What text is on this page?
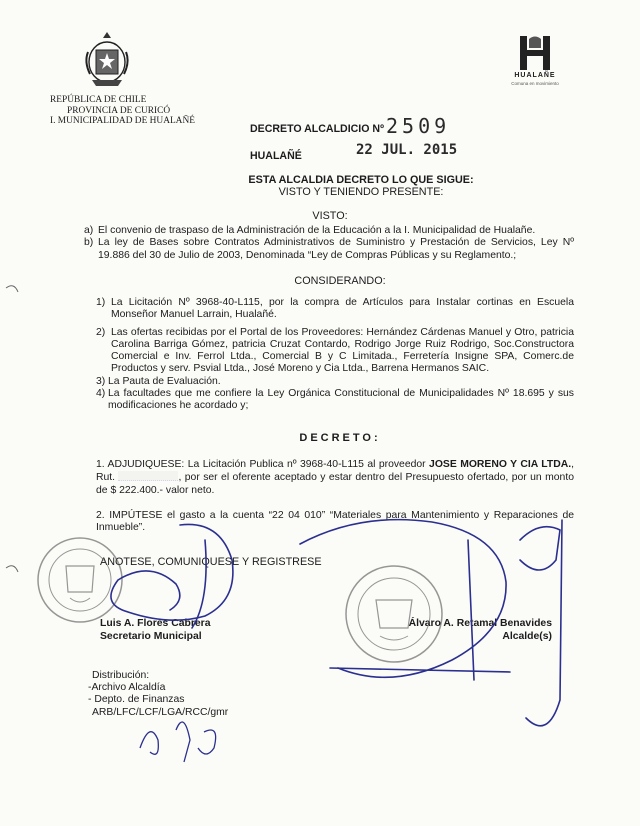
HUALAÑE
Comuna en movimiento
REPÚBLICA DE CHILE
PROVINCIA DE CURICÓ
I. MUNICIPALIDAD DE HUALAÑÉ
DECRETO ALCALDICIO Nº 2509
HUALAÑÉ	22 JUL. 2015
ESTA ALCALDIA DECRETO LO QUE SIGUE:
VISTO Y TENIENDO PRESENTE:
VISTO:
a) El convenio de traspaso de la Administración de la Educación a la I. Municipalidad de Hualañe.
b) La ley de Bases sobre Contratos Administrativos de Suministro y Prestación de Servicios, Ley Nº 19.886 del 30 de Julio de 2003, Denominada “Ley de Compras Públicas y su Reglamento.;
CONSIDERANDO:
1) La Licitación Nº 3968-40-L115, por la compra de Artículos para Instalar cortinas en Escuela Monseñor Manuel Larrain, Hualañé.
2) Las ofertas recibidas por el Portal de los Proveedores: Hernández Cárdenas Manuel y Otro, patricia Carolina Barriga Gómez, patricia Cruzat Contardo, Rodrigo Jorge Ruiz Rodrigo, Soc.Constructora Comercial e Inv. Ferrol Ltda., Comercial B y C Limitada., Ferretería Insigne SPA, Comerc.de Productos y serv. Psvial Ltda., José Moreno y Cia Ltda., Barrena Hermanos SAIC.
3) La Pauta de Evaluación.
4) La facultades que me confiere la Ley Orgánica Constitucional de Municipalidades Nº 18.695 y sus modificaciones he acordado y;
DECRETO:
1. ADJUDIQUESE: La Licitación Publica nº 3968-40-L115 al proveedor JOSE MORENO Y CIA LTDA., Rut.	, por ser el oferente aceptado y estar dentro del Presupuesto ofertado, por un monto de $ 222.400.- valor neto.
2. IMPÚTESE el gasto a la cuenta “22 04 010” “Materiales para Mantenimiento y Reparaciones de Inmueble”.
ANOTESE, COMUNIQUESE Y REGISTRESE
Luis A. Flores Cabrera
Secretario Municipal
Álvaro A. Retamal Benavides
Alcalde(s)
Distribución:
-Archivo Alcaldía
- Depto. de Finanzas
ARB/LFC/LCF/LGA/RCC/gmr
